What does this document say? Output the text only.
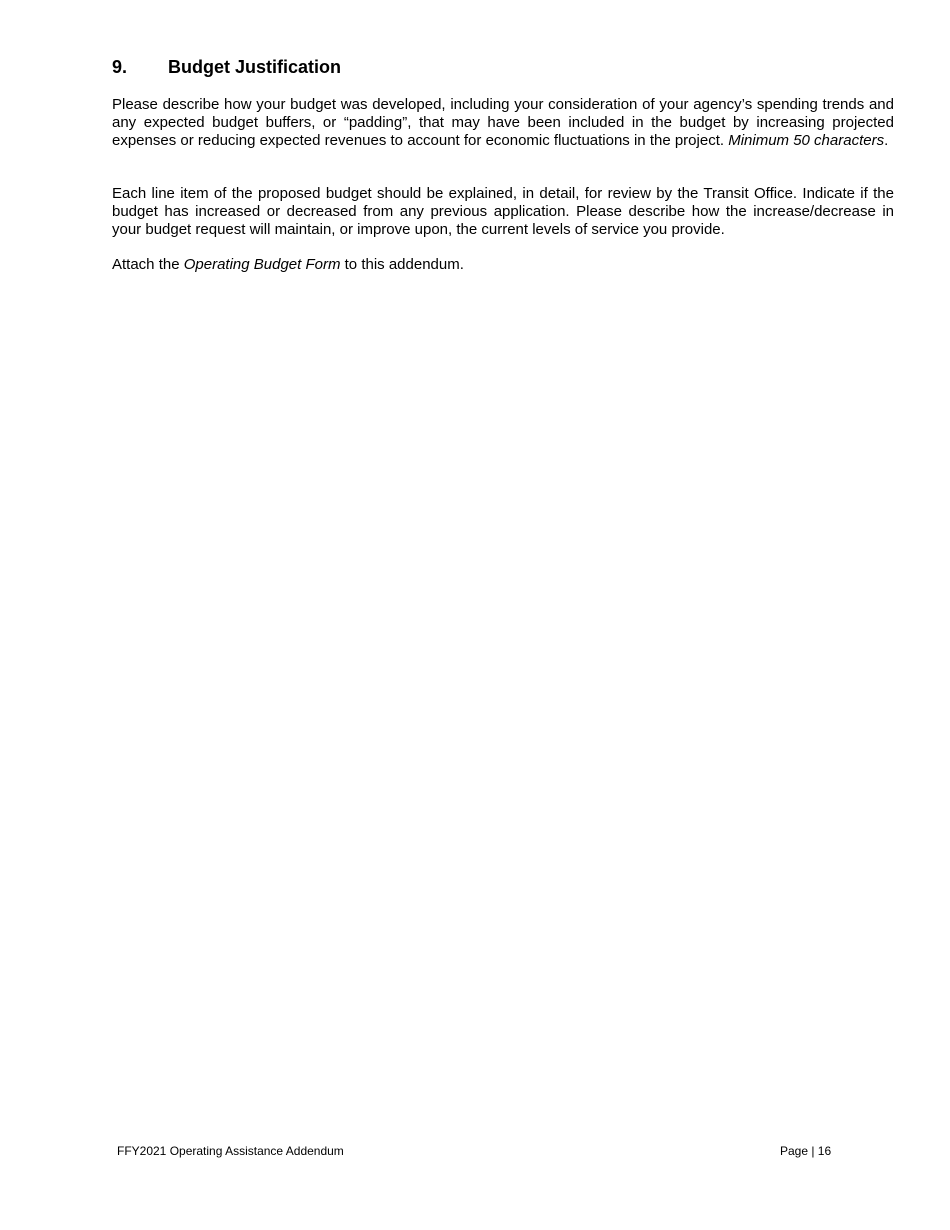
9. Budget Justification
Please describe how your budget was developed, including your consideration of your agency’s spending trends and any expected budget buffers, or “padding”, that may have been included in the budget by increasing projected expenses or reducing expected revenues to account for economic fluctuations in the project. Minimum 50 characters.
Each line item of the proposed budget should be explained, in detail, for review by the Transit Office. Indicate if the budget has increased or decreased from any previous application. Please describe how the increase/decrease in your budget request will maintain, or improve upon, the current levels of service you provide.
Attach the Operating Budget Form to this addendum.
FFY2021 Operating Assistance Addendum	Page | 16
